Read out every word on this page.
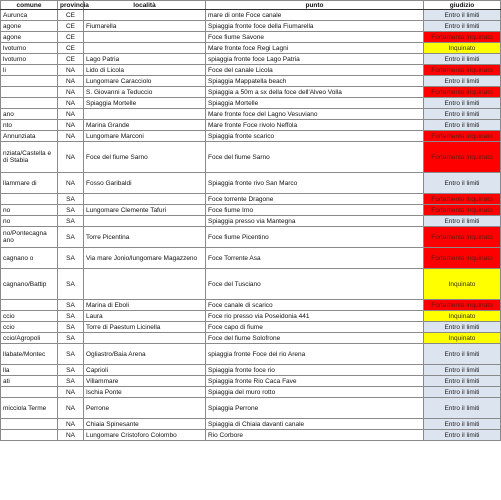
comune	provincia	località	punto	giudizio
Aurunca	CE		mare di onte Foce canale	Entro il limiti
agone	CE	Fiumarella	Spiaggia fronte foce della Fiumarella	Entro il limiti
agone	CE		Foce fiume Savone	Fortemente inquinato
lvoturno	CE		Mare fronte foce Regi Lagni	Inquinato
lvoturno	CE	Lago Patria	spiaggia fronte foce Lago Patria	Entro il limiti
li	NA	Lido di Licola	Foce del canale Licola	Fortemente inquinato
	NA	Lungomare Caracciolo	Spiaggia Mappatella beach	Entro il limiti
	NA	S. Giovanni a Teduccio	Spiaggia a 50m a sx della foce dell'Alveo Volla	Fortemente inquinato
	NA	Spiaggia Mortelle	Spiaggia Mortelle	Entro il limiti
ano	NA		Mare fronte foce del Lagno Vesuviano	Entro il limiti
nto	NA	Marina Grande	Mare fronte Foce rivolo Neffola	Entro il limiti
Annunziata	NA	Lungomare Marconi	Spiaggia fronte scarico	Fortemente inquinato
nziata/Castella e di Stabia	NA	Foce del fiume Sarno	Foce del fiume Sarno	Fortemente inquinato
llammare di	NA	Fosso Garibaldi	Spiaggia fronte rivo San Marco	Entro il limiti
	SA		Foce torrente Dragone	Fortemente inquinato
no	SA	Lungomare Clemente Tafuri	Foce fiume Irno	Fortemente inquinato
no	SA		Spiaggia presso via Mantegna	Entro il limiti
no/Pontecagna ano	SA	Torre Picentina	Foce fiume Picentino	Fortemente inquinato
cagnano o	SA	Via mare Jonio/lungomare Magazzeno	Foce Torrente Asa	Fortemente inquinato
cagnano/Battip	SA		Foce del Tusciano	Inquinato
	SA	Marina di Eboli	Foce canale di scarico	Fortemente inquinato
ccio	SA	Laura	Foce rio presso via Poseidonia 441	Inquinato
ccio	SA	Torre di Paestum Licinella	Foce capo di fiume	Entro il limiti
ccio/Agropoli	SA		Foce del fiume Solofrone	Inquinato
llabate/Montec	SA	Ogliastro/Baia Arena	spiaggia fronte Foce del rio Arena	Entro il limiti
lla	SA	Caprioli	Spiaggia fronte foce rio	Entro il limiti
ati	SA	Villammare	Spiaggia fronte Rio Caca Fave	Entro il limiti
	NA	Ischia Ponte	Spiaggia del muro rotto	Entro il limiti
micciola Terme	NA	Perrone	Spiaggia Perrone	Entro il limiti
	NA	Chiaia Spinesante	Spiaggia di Chiaia davanti canale	Entro il limiti
	NA	Lungomare Cristoforo Colombo	Rio Corbore	Entro il limiti
